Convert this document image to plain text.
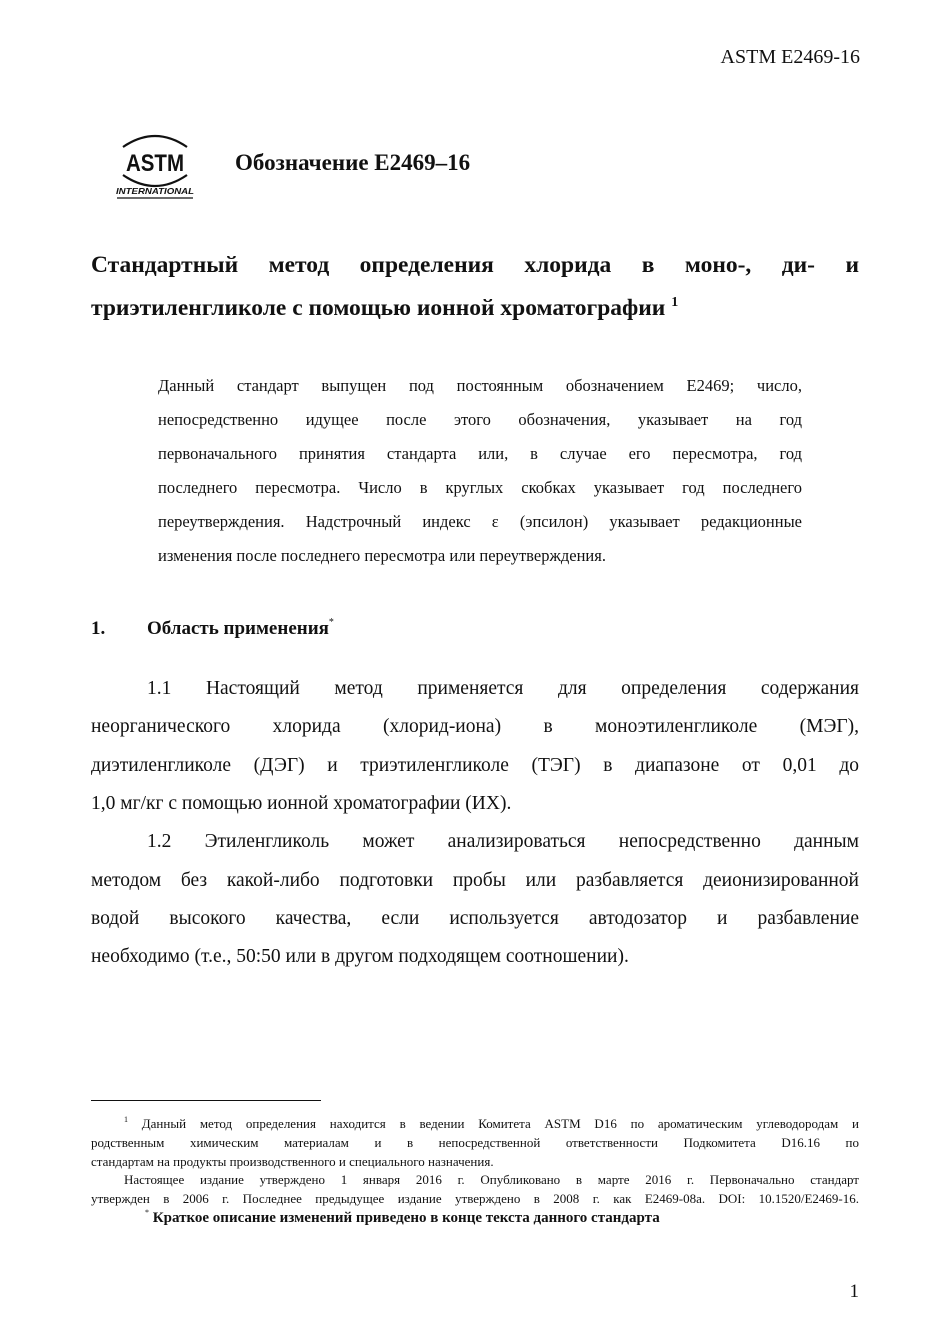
ASTM E2469-16
ASTM
INTERNATIONAL
Обозначение E2469–16
Стандартный метод определения хлорида в моно-, ди- и
триэтиленгликоле с помощью ионной хроматографии $^1$
Данный стандарт выпущен под постоянным обозначением E2469; число,
непосредственно идущее после этого обозначения, указывает на год
первоначального принятия стандарта или, в случае его пересмотра, год
последнего пересмотра. Число в круглых скобках указывает год последнего
переутверждения. Надстрочный индекс ε (эпсилон) указывает редакционные
изменения после последнего пересмотра или переутверждения.
1. Область применения*
1.1 Настоящий метод применяется для определения содержания
неорганического хлорида (хлорид-иона) в моноэтиленгликоле (МЭГ),
диэтиленгликоле (ДЭГ) и триэтиленгликоле (ТЭГ) в диапазоне от 0,01 до
1,0 мг/кг с помощью ионной хроматографии (ИХ).
1.2 Этиленгликоль может анализироваться непосредственно данным
методом без какой-либо подготовки пробы или разбавляется деионизированной
водой высокого качества, если используется автодозатор и разбавление
необходимо (т.е., 50:50 или в другом подходящем соотношении).
$^1$ Данный метод определения находится в ведении Комитета ASTM D16 по ароматическим углеводородам и
родственным химическим материалам и в непосредственной ответственности Подкомитета D16.16 по
стандартам на продукты производственного и специального назначения.
Настоящее издание утверждено 1 января 2016 г. Опубликовано в марте 2016 г. Первоначально стандарт
утвержден в 2006 г. Последнее предыдущее издание утверждено в 2008 г. как E2469-08a. DOI: 10.1520/E2469-16.
* Краткое описание изменений приведено в конце текста данного стандарта
1
